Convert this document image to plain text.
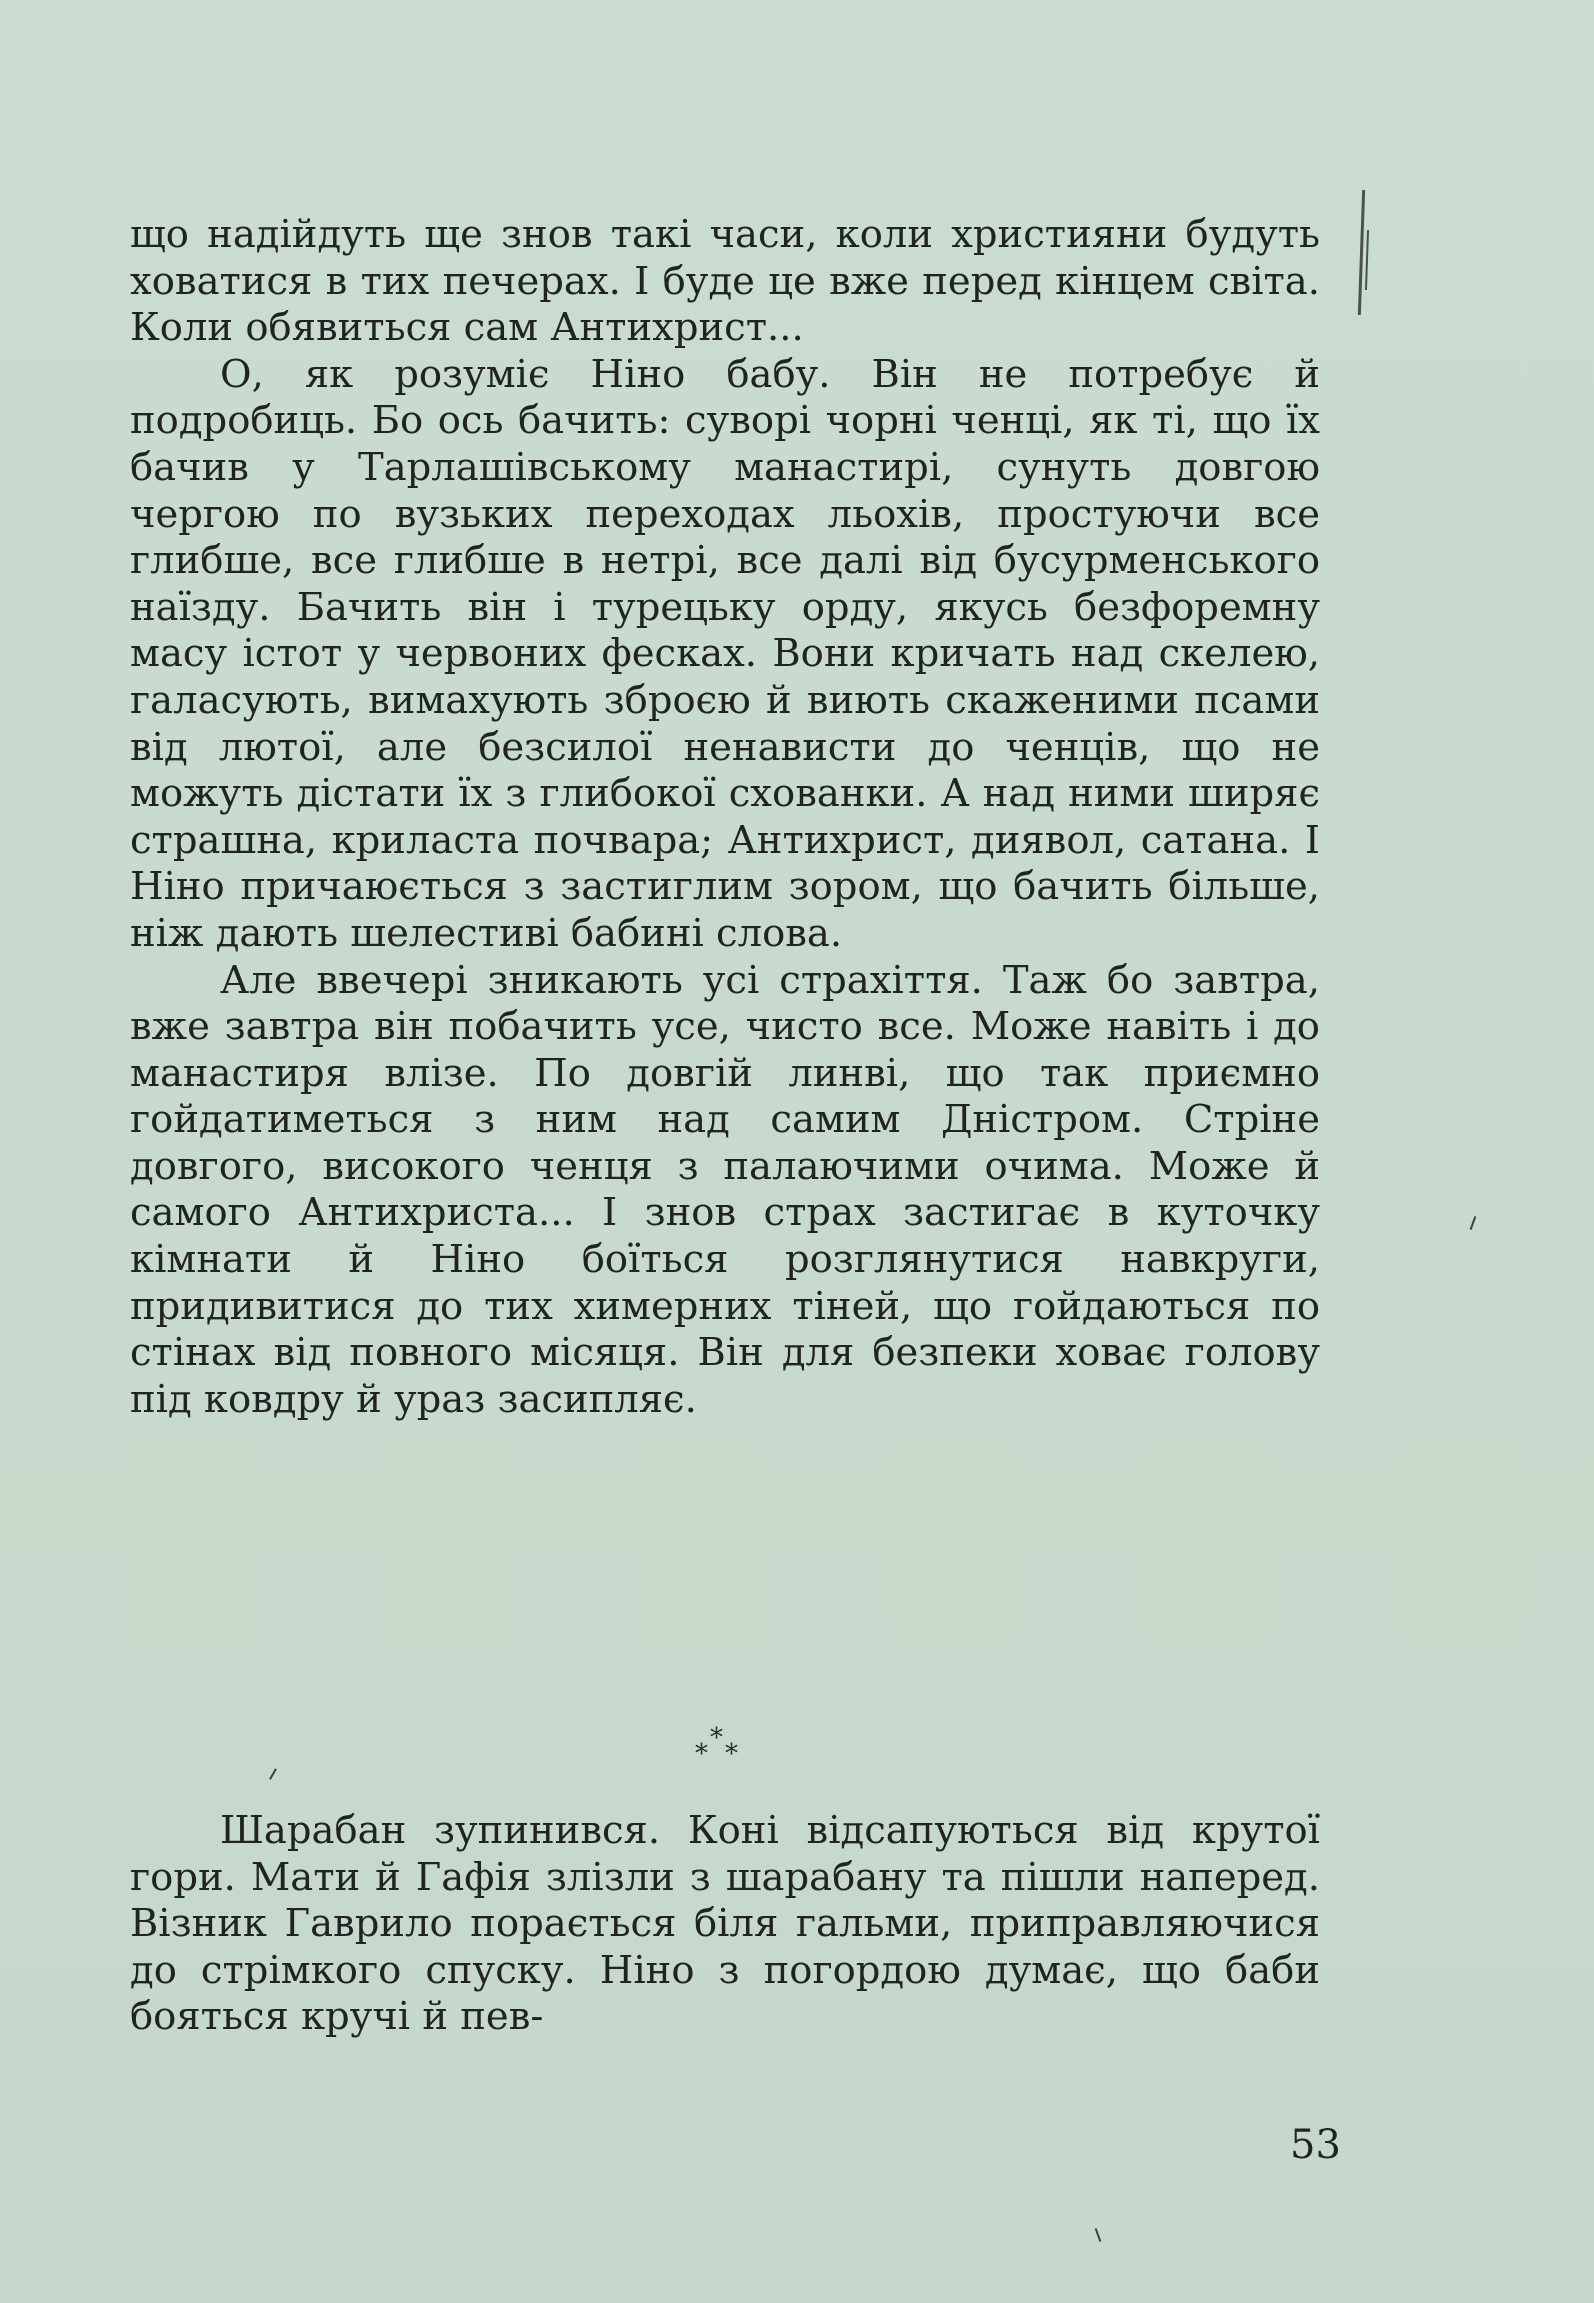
що надійдуть ще знов такі часи, коли християни будуть ховатися в тих печерах. І буде це вже перед кінцем світа. Коли обявиться сам Антихрист...

О, як розуміє Ніно бабу. Він не потребує й подробиць. Бо ось бачить: суворі чорні ченці, як ті, що їх бачив у Тарлашівському манастирі, сунуть довгою чергою по вузьких переходах льохів, простуючи все глибше, все глибше в нетрі, все далі від бусурменського наїзду. Бачить він і турецьку орду, якусь безфоремну масу істот у червоних фесках. Вони кричать над скелею, галасують, вимахують зброєю й виють скаженими псами від лютої, але безсилої ненависти до ченців, що не можуть дістати їх з глибокої схованки. А над ними ширяє страшна, криласта почвара; Антихрист, диявол, сатана. І Ніно причаюється з застиглим зором, що бачить більше, ніж дають шелестиві бабині слова.

Але ввечері зникають усі страхіття. Таж бо завтра, вже завтра він побачить усе, чисто все. Може навіть і до манастиря влізе. По довгій линві, що так приємно гойдатиметься з ним над самим Дністром. Стріне довгого, високого ченця з палаючими очима. Може й самого Антихриста... І знов страх застигає в куточку кімнати й Ніно боїться розглянутися навкруги, придивитися до тих химерних тіней, що гойдаються по стінах від повного місяця. Він для безпеки ховає голову під ковдру й ураз засипляє.

*
* *

Шарабан зупинився. Коні відсапуються від крутої гори. Мати й Гафія злізли з шарабану та пішли наперед. Візник Гаврило порається біля гальми, приправляючися до стрімкого спуску. Ніно з погордою думає, що баби бояться кручі й пев-

53
